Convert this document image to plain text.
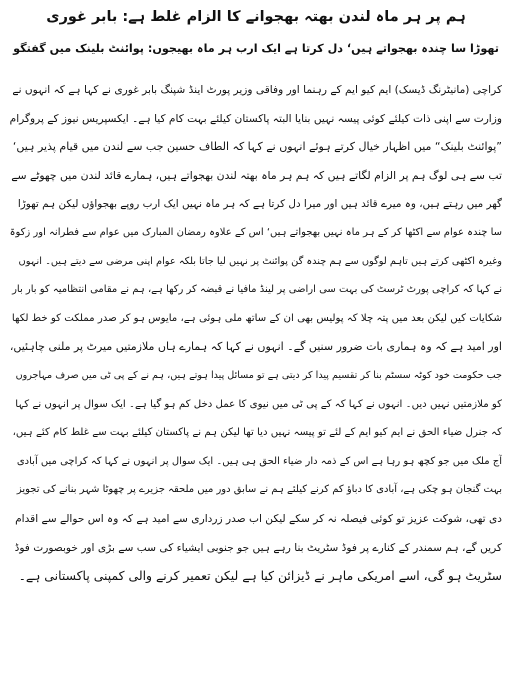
ہم پر ہر ماہ لندن بھتہ بھجوانے کا الزام غلط ہے: بابر غوری
تھوڑا سا چندہ بھجواتے ہیں‘ دل کرتا ہے ایک ارب ہر ماہ بھیجوں: پوائنٹ بلینک میں گفتگو
کراچی (مانیٹرنگ ڈیسک) ایم کیو ایم کے رہنما اور وفاقی وزیر پورٹ اینڈ شپنگ بابر غوری نے کہا ہے کہ انہوں نے
وزارت سے اپنی ذات کیلئے کوئی پیسہ نہیں بنایا البتہ پاکستان کیلئے بہت کام کیا ہے۔ ایکسپریس نیوز کے پروگرام
”پوائنٹ بلینک“ میں اظہار خیال کرتے ہوئے انہوں نے کہا کہ الطاف حسین جب سے لندن میں قیام پذیر ہیں‘
تب سے ہی لوگ ہم پر الزام لگاتے ہیں کہ ہم ہر ماہ بھتہ لندن بھجواتے ہیں، ہمارے قائد لندن میں چھوٹے سے
گھر میں رہتے ہیں، وہ میرے قائد ہیں اور میرا دل کرتا ہے کہ ہر ماہ نہیں ایک ارب روپے بھجواؤں لیکن ہم تھوڑا
سا چندہ عوام سے اکٹھا کر کے ہر ماہ نہیں بھجواتے ہیں‘ اس کے علاوہ رمضان المبارک میں عوام سے فطرانہ اور زکوۃ
وغیرہ اکٹھی کرتے ہیں تاہم لوگوں سے ہم چندہ گن پوائنٹ پر نہیں لیا جاتا بلکہ عوام اپنی مرضی سے دیتے ہیں۔ انہوں
نے کہا کہ کراچی پورٹ ٹرسٹ کی بہت سی اراضی پر لینڈ مافیا نے قبضہ کر رکھا ہے، ہم نے مقامی انتظامیہ کو بار بار
شکایات کیں لیکن بعد میں پتہ چلا کہ پولیس بھی ان کے ساتھ ملی ہوئی ہے، مایوس ہو کر صدر مملکت کو خط لکھا
اور امید ہے کہ وہ ہماری بات ضرور سنیں گے۔ انہوں نے کہا کہ ہمارے ہاں ملازمتیں میرٹ پر ملنی چاہئیں،
جب حکومت خود کوٹہ سسٹم بنا کر تقسیم پیدا کر دیتی ہے تو مسائل پیدا ہوتے ہیں، ہم نے کے پی ٹی میں صرف مہاجروں
کو ملازمتیں نہیں دیں۔ انہوں نے کہا کہ کے پی ٹی میں نیوی کا عمل دخل کم ہو گیا ہے۔ ایک سوال پر انہوں نے کہا
کہ جنرل ضیاء الحق نے ایم کیو ایم کے لئے تو پیسہ نہیں دیا تھا لیکن ہم نے پاکستان کیلئے بہت سے غلط کام کئے ہیں،
آج ملک میں جو کچھ ہو رہا ہے اس کے ذمہ دار ضیاء الحق ہی ہیں۔ ایک سوال پر انہوں نے کہا کہ کراچی میں آبادی
بہت گنجان ہو چکی ہے، آبادی کا دباؤ کم کرنے کیلئے ہم نے سابق دور میں ملحقہ جزیرے پر چھوٹا شہر بنانے کی تجویز
دی تھی، شوکت عزیز تو کوئی فیصلہ نہ کر سکے لیکن اب صدر زرداری سے امید ہے کہ وہ اس حوالے سے اقدام
کریں گے، ہم سمندر کے کنارے پر فوڈ سٹریٹ بنا رہے ہیں جو جنوبی ایشیاء کی سب سے بڑی اور خوبصورت فوڈ
سٹریٹ ہو گی، اسے امریکی ماہر نے ڈیزائن کیا ہے لیکن تعمیر کرنے والی کمپنی پاکستانی ہے۔
